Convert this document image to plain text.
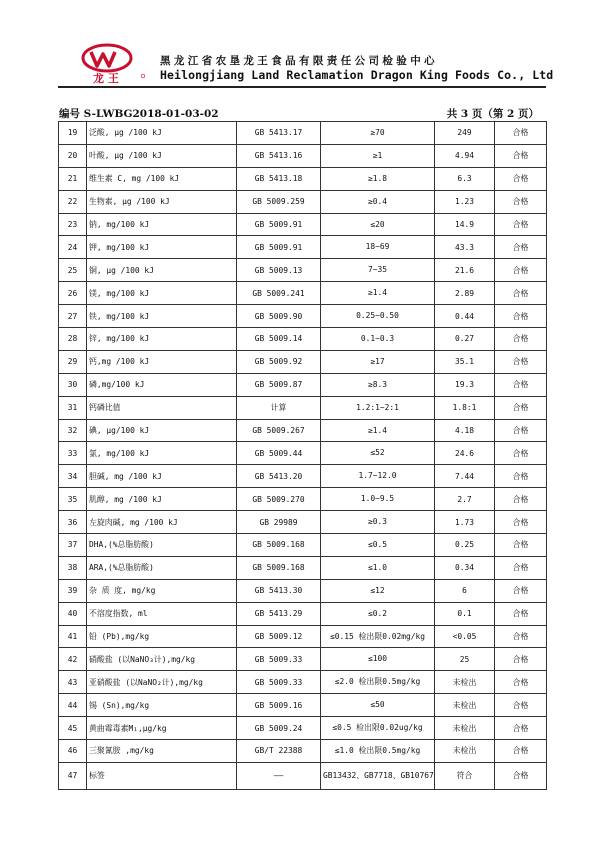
龙 王
黑龙江省农垦龙王食品有限责任公司检验中心
Heilongjiang Land Reclamation Dragon King Foods Co., Ltd
编号 S-LWBG2018-01-03-02	共 3 页（第 2 页）
19	泛酸, μg /100 kJ	GB 5413.17	≥70	249	合格
20	叶酸, μg /100 kJ	GB 5413.16	≥1	4.94	合格
21	维生素 C, mg /100 kJ	GB 5413.18	≥1.8	6.3	合格
22	生物素, μg /100 kJ	GB 5009.259	≥0.4	1.23	合格
23	钠, mg/100 kJ	GB 5009.91	≤20	14.9	合格
24	钾, mg/100 kJ	GB 5009.91	18~69	43.3	合格
25	铜, μg /100 kJ	GB 5009.13	7~35	21.6	合格
26	镁, mg/100 kJ	GB 5009.241	≥1.4	2.89	合格
27	铁, mg/100 kJ	GB 5009.90	0.25~0.50	0.44	合格
28	锌, mg/100 kJ	GB 5009.14	0.1~0.3	0.27	合格
29	钙,mg /100 kJ	GB 5009.92	≥17	35.1	合格
30	磷,mg/100 kJ	GB 5009.87	≥8.3	19.3	合格
31	钙磷比值	计算	1.2:1~2:1	1.8:1	合格
32	碘, μg/100 kJ	GB 5009.267	≥1.4	4.18	合格
33	氯, mg/100 kJ	GB 5009.44	≤52	24.6	合格
34	胆碱, mg /100 kJ	GB 5413.20	1.7~12.0	7.44	合格
35	肌醇, mg /100 kJ	GB 5009.270	1.0~9.5	2.7	合格
36	左旋肉碱, mg /100 kJ	GB 29989	≥0.3	1.73	合格
37	DHA,(%总脂肪酸)	GB 5009.168	≤0.5	0.25	合格
38	ARA,(%总脂肪酸)	GB 5009.168	≤1.0	0.34	合格
39	杂 质 度, mg/kg	GB 5413.30	≤12	6	合格
40	不溶度指数, ml	GB 5413.29	≤0.2	0.1	合格
41	铅 (Pb),mg/kg	GB 5009.12	≤0.15 检出限0.02mg/kg	<0.05	合格
42	硝酸盐 (以NaNO₃计),mg/kg	GB 5009.33	≤100	25	合格
43	亚硝酸盐 (以NaNO₂计),mg/kg	GB 5009.33	≤2.0 检出限0.5mg/kg	未检出	合格
44	锡 (Sn),mg/kg	GB 5009.16	≤50	未检出	合格
45	黄曲霉毒素M₁,μg/kg	GB 5009.24	≤0.5 检出限0.02ug/kg	未检出	合格
46	三聚氰胺 ,mg/kg	GB/T 22388	≤1.0 检出限0.5mg/kg	未检出	合格
47	标签	——	GB13432、GB7718、GB10767	符合	合格
